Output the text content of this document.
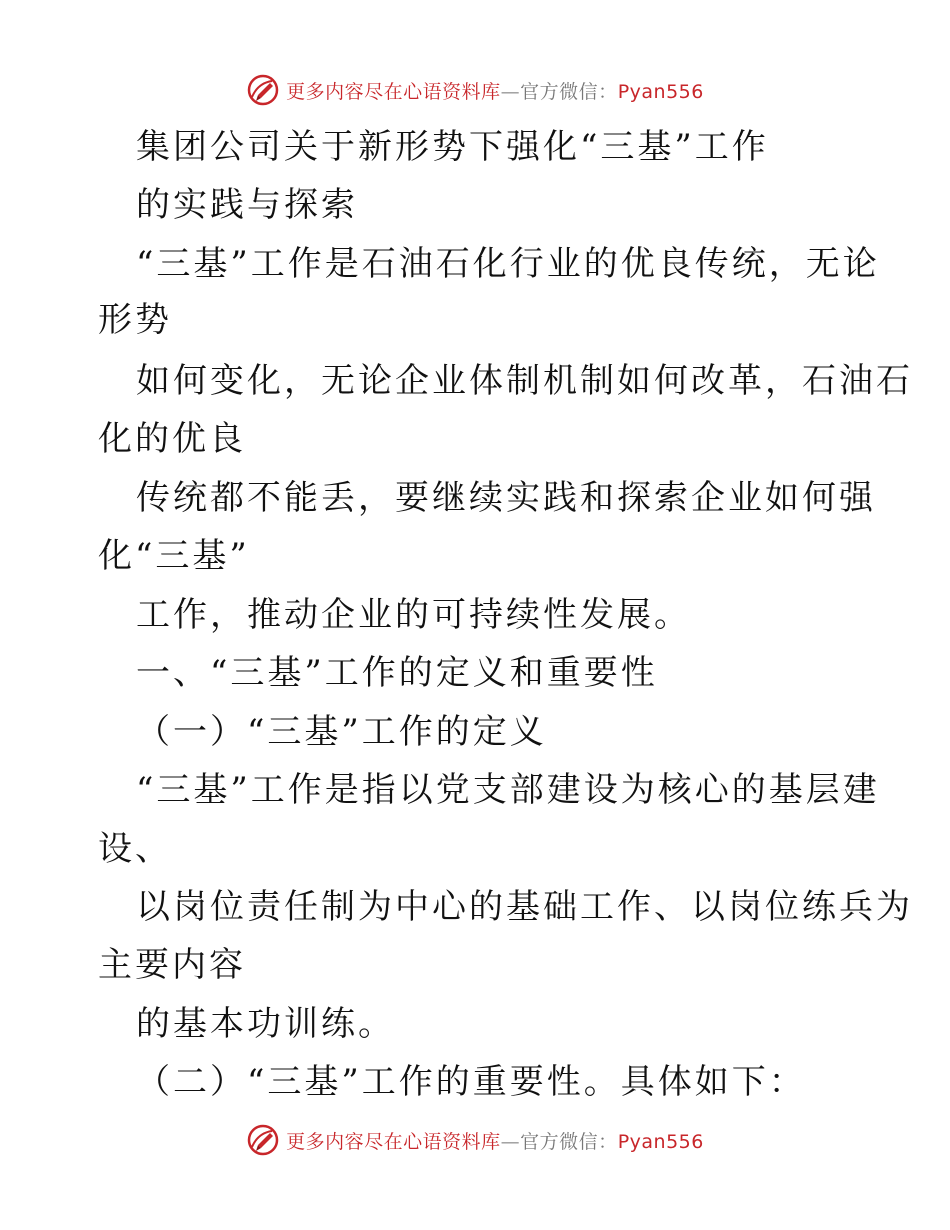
更多内容尽在心语资料库—官方微信：Pyan556
集团公司关于新形势下强化“三基”工作
的实践与探索
“三基”工作是石油石化行业的优良传统，无论
形势
如何变化，无论企业体制机制如何改革，石油石
化的优良
传统都不能丢，要继续实践和探索企业如何强
化“三基”
工作，推动企业的可持续性发展。
一、“三基”工作的定义和重要性
（一）“三基”工作的定义
“三基”工作是指以党支部建设为核心的基层建
设、
以岗位责任制为中心的基础工作、以岗位练兵为
主要内容
的基本功训练。
（二）“三基”工作的重要性。具体如下：
更多内容尽在心语资料库—官方微信：Pyan556
